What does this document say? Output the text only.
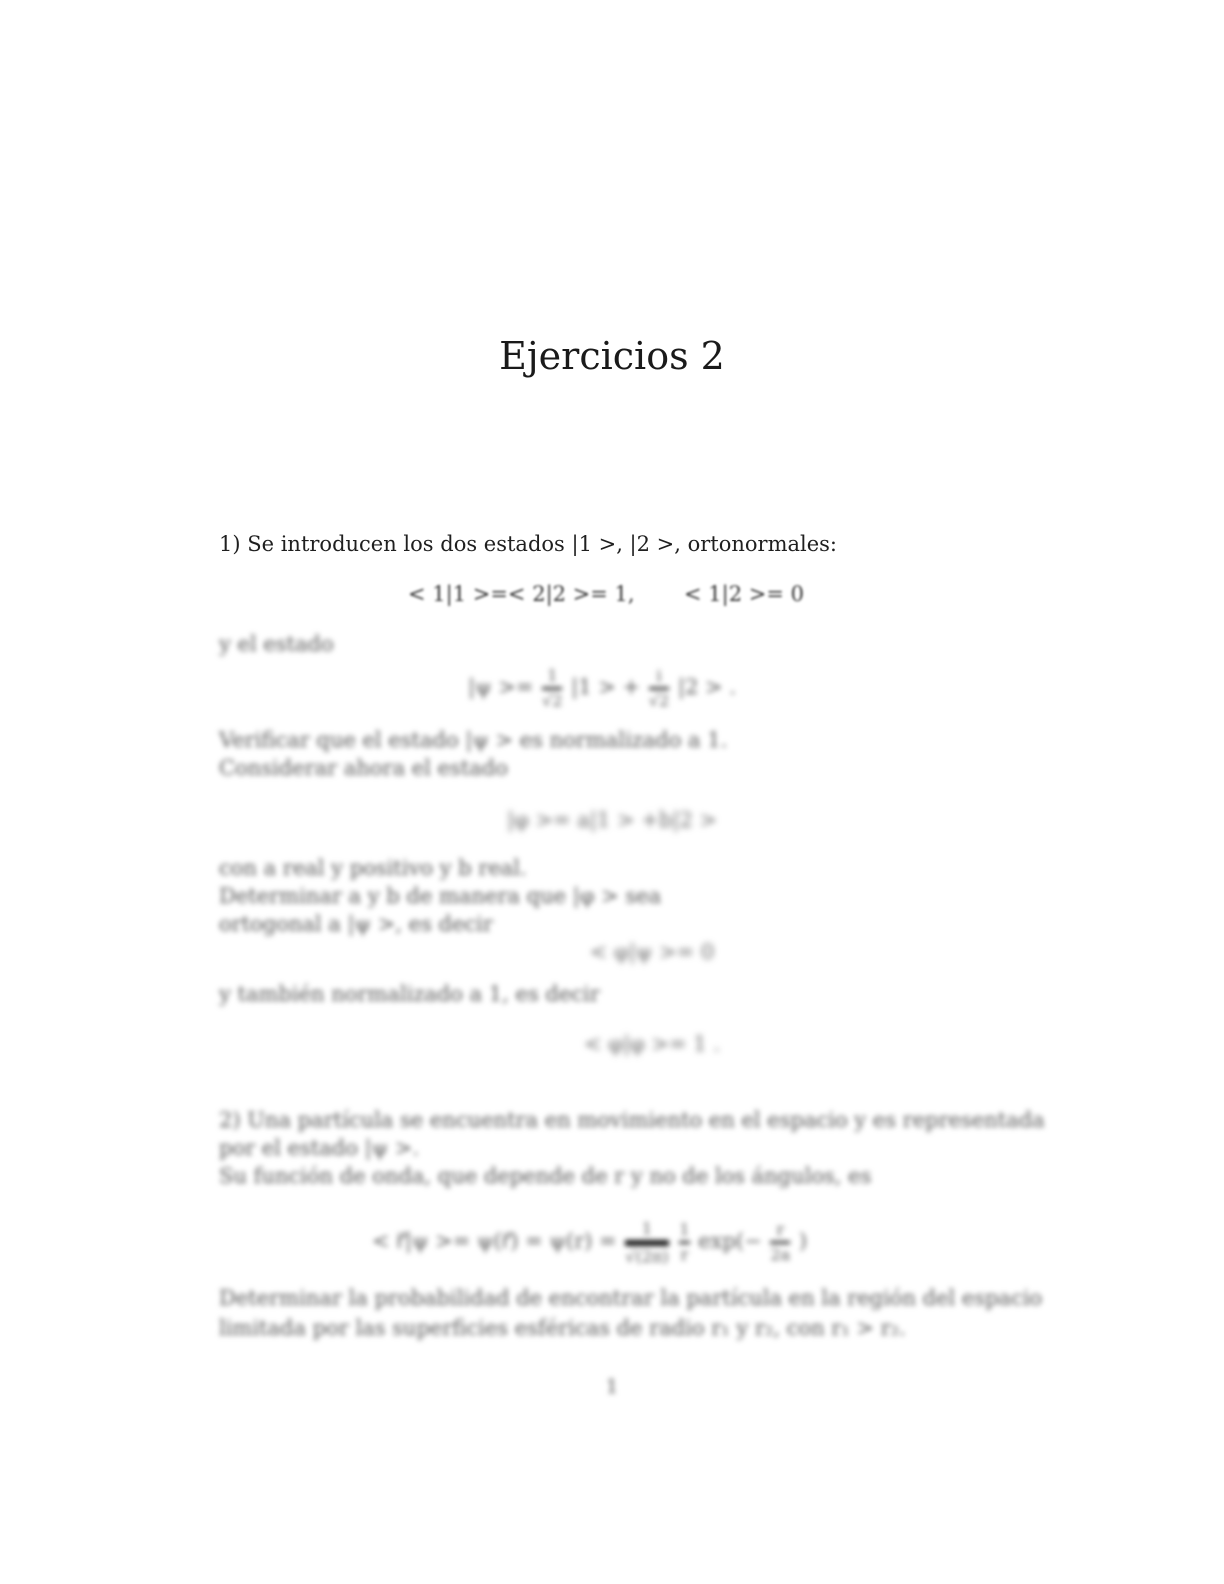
Ejercicios 2
1) Se introducen los dos estados |1 >, |2 >, ortonormales:
< 1|1 >=< 2|2 >= 1, < 1|2 >= 0
y el estado
$|\psi >= \frac{1}{√2} |1$ > + $\frac{i}{√2} |2$ > .
Verificar que el estado |ψ > es normalizado a 1.
Considerar ahora el estado
|φ >= a|1 > +b|2 >
con a real y positivo y b real.
Determinar a y b de manera que |φ > sea
ortogonal a |ψ >, es decir
< φ|ψ >= 0
y también normalizado a 1, es decir
< φ|φ >= 1 .
2) Una partícula se encuentra en movimiento en el espacio y es representada
por el estado |ψ >.
Su función de onda, que depende de r y no de los ángulos, es
< r⃗|ψ >= ψ(r⃗) = ψ(r) =
1
√(2π)
$\frac{1}{r} \exp(- \frac{r}{2a}$ )
Determinar la probabilidad de encontrar la partícula en la región del espacio
limitada por las superficies esféricas de radio r₁ y r₂, con r₁ > r₂.
1
